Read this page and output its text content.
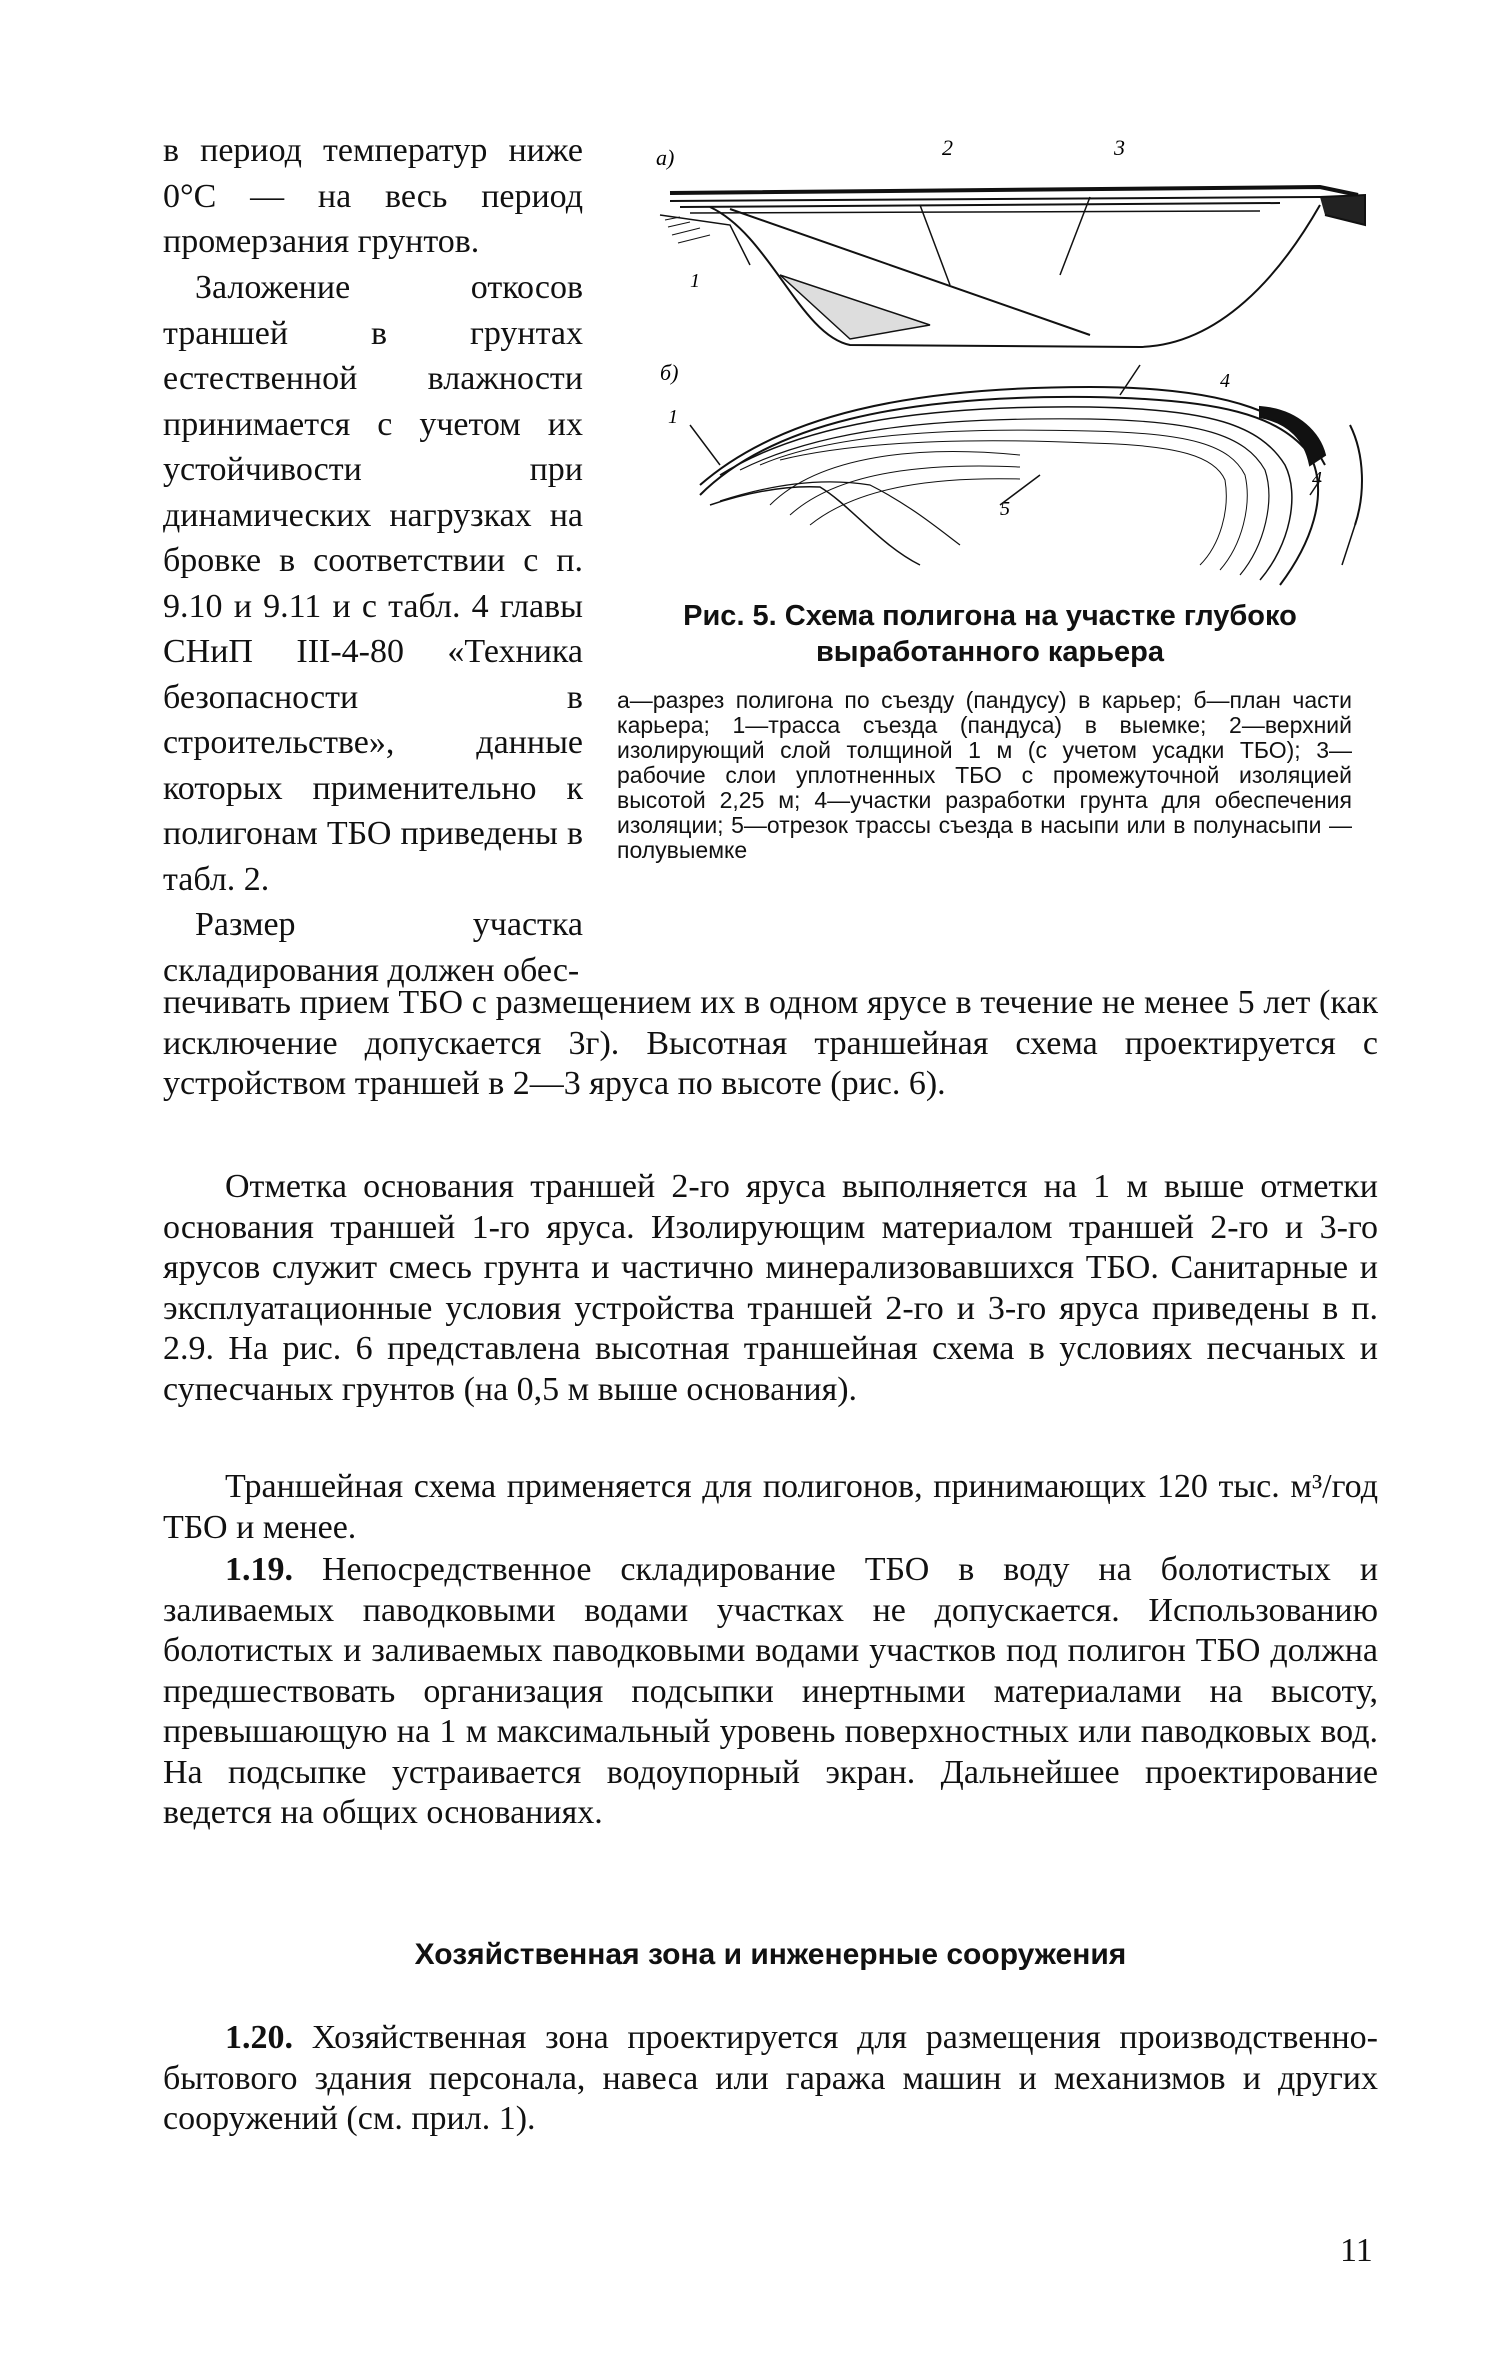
в период температур ниже 0°С — на весь период промерзания грунтов.

Заложение откосов траншей в грунтах естественной влажности принимается с учетом их устойчивости при динамических нагрузках на бровке в соответствии с п. 9.10 и 9.11 и с табл. 4 главы СНиП III-4-80 «Техника безопасности в строительстве», данные которых применительно к полигонам ТБО приведены в табл. 2.

Размер участка складирования должен обес-

а)	2	3
1
б)
1
4
4
5

Рис. 5. Схема полигона на участке глубоко выработанного карьера

а—разрез полигона по съезду (пандусу) в карьер; б—план части карьера; 1—трасса съезда (пандуса) в выемке; 2—верхний изолирующий слой толщиной 1 м (с учетом усадки ТБО); 3—рабочие слои уплотненных ТБО с промежуточной изоляцией высотой 2,25 м; 4—участки разработки грунта для обеспечения изоляции; 5—отрезок трассы съезда в насыпи или в полунасыпи — полувыемке

печивать прием ТБО с размещением их в одном ярусе в течение не менее 5 лет (как исключение допускается 3г). Высотная траншейная схема проектируется с устройством траншей в 2—3 яруса по высоте (рис. 6).

Отметка основания траншей 2-го яруса выполняется на 1 м выше отметки основания траншей 1-го яруса. Изолирующим материалом траншей 2-го и 3-го ярусов служит смесь грунта и частично минерализовавшихся ТБО. Санитарные и эксплуатационные условия устройства траншей 2-го и 3-го яруса приведены в п. 2.9. На рис. 6 представлена высотная траншейная схема в условиях песчаных и супесчаных грунтов (на 0,5 м выше основания).

Траншейная схема применяется для полигонов, принимающих 120 тыс. м³/год ТБО и менее.

1.19. Непосредственное складирование ТБО в воду на болотистых и заливаемых паводковыми водами участках не допускается. Использованию болотистых и заливаемых паводковыми водами участков под полигон ТБО должна предшествовать организация подсыпки инертными материалами на высоту, превышающую на 1 м максимальный уровень поверхностных или паводковых вод. На подсыпке устраивается водоупорный экран. Дальнейшее проектирование ведется на общих основаниях.

Хозяйственная зона и инженерные сооружения

1.20. Хозяйственная зона проектируется для размещения производственно-бытового здания персонала, навеса или гаража машин и механизмов и других сооружений (см. прил. 1).

11
